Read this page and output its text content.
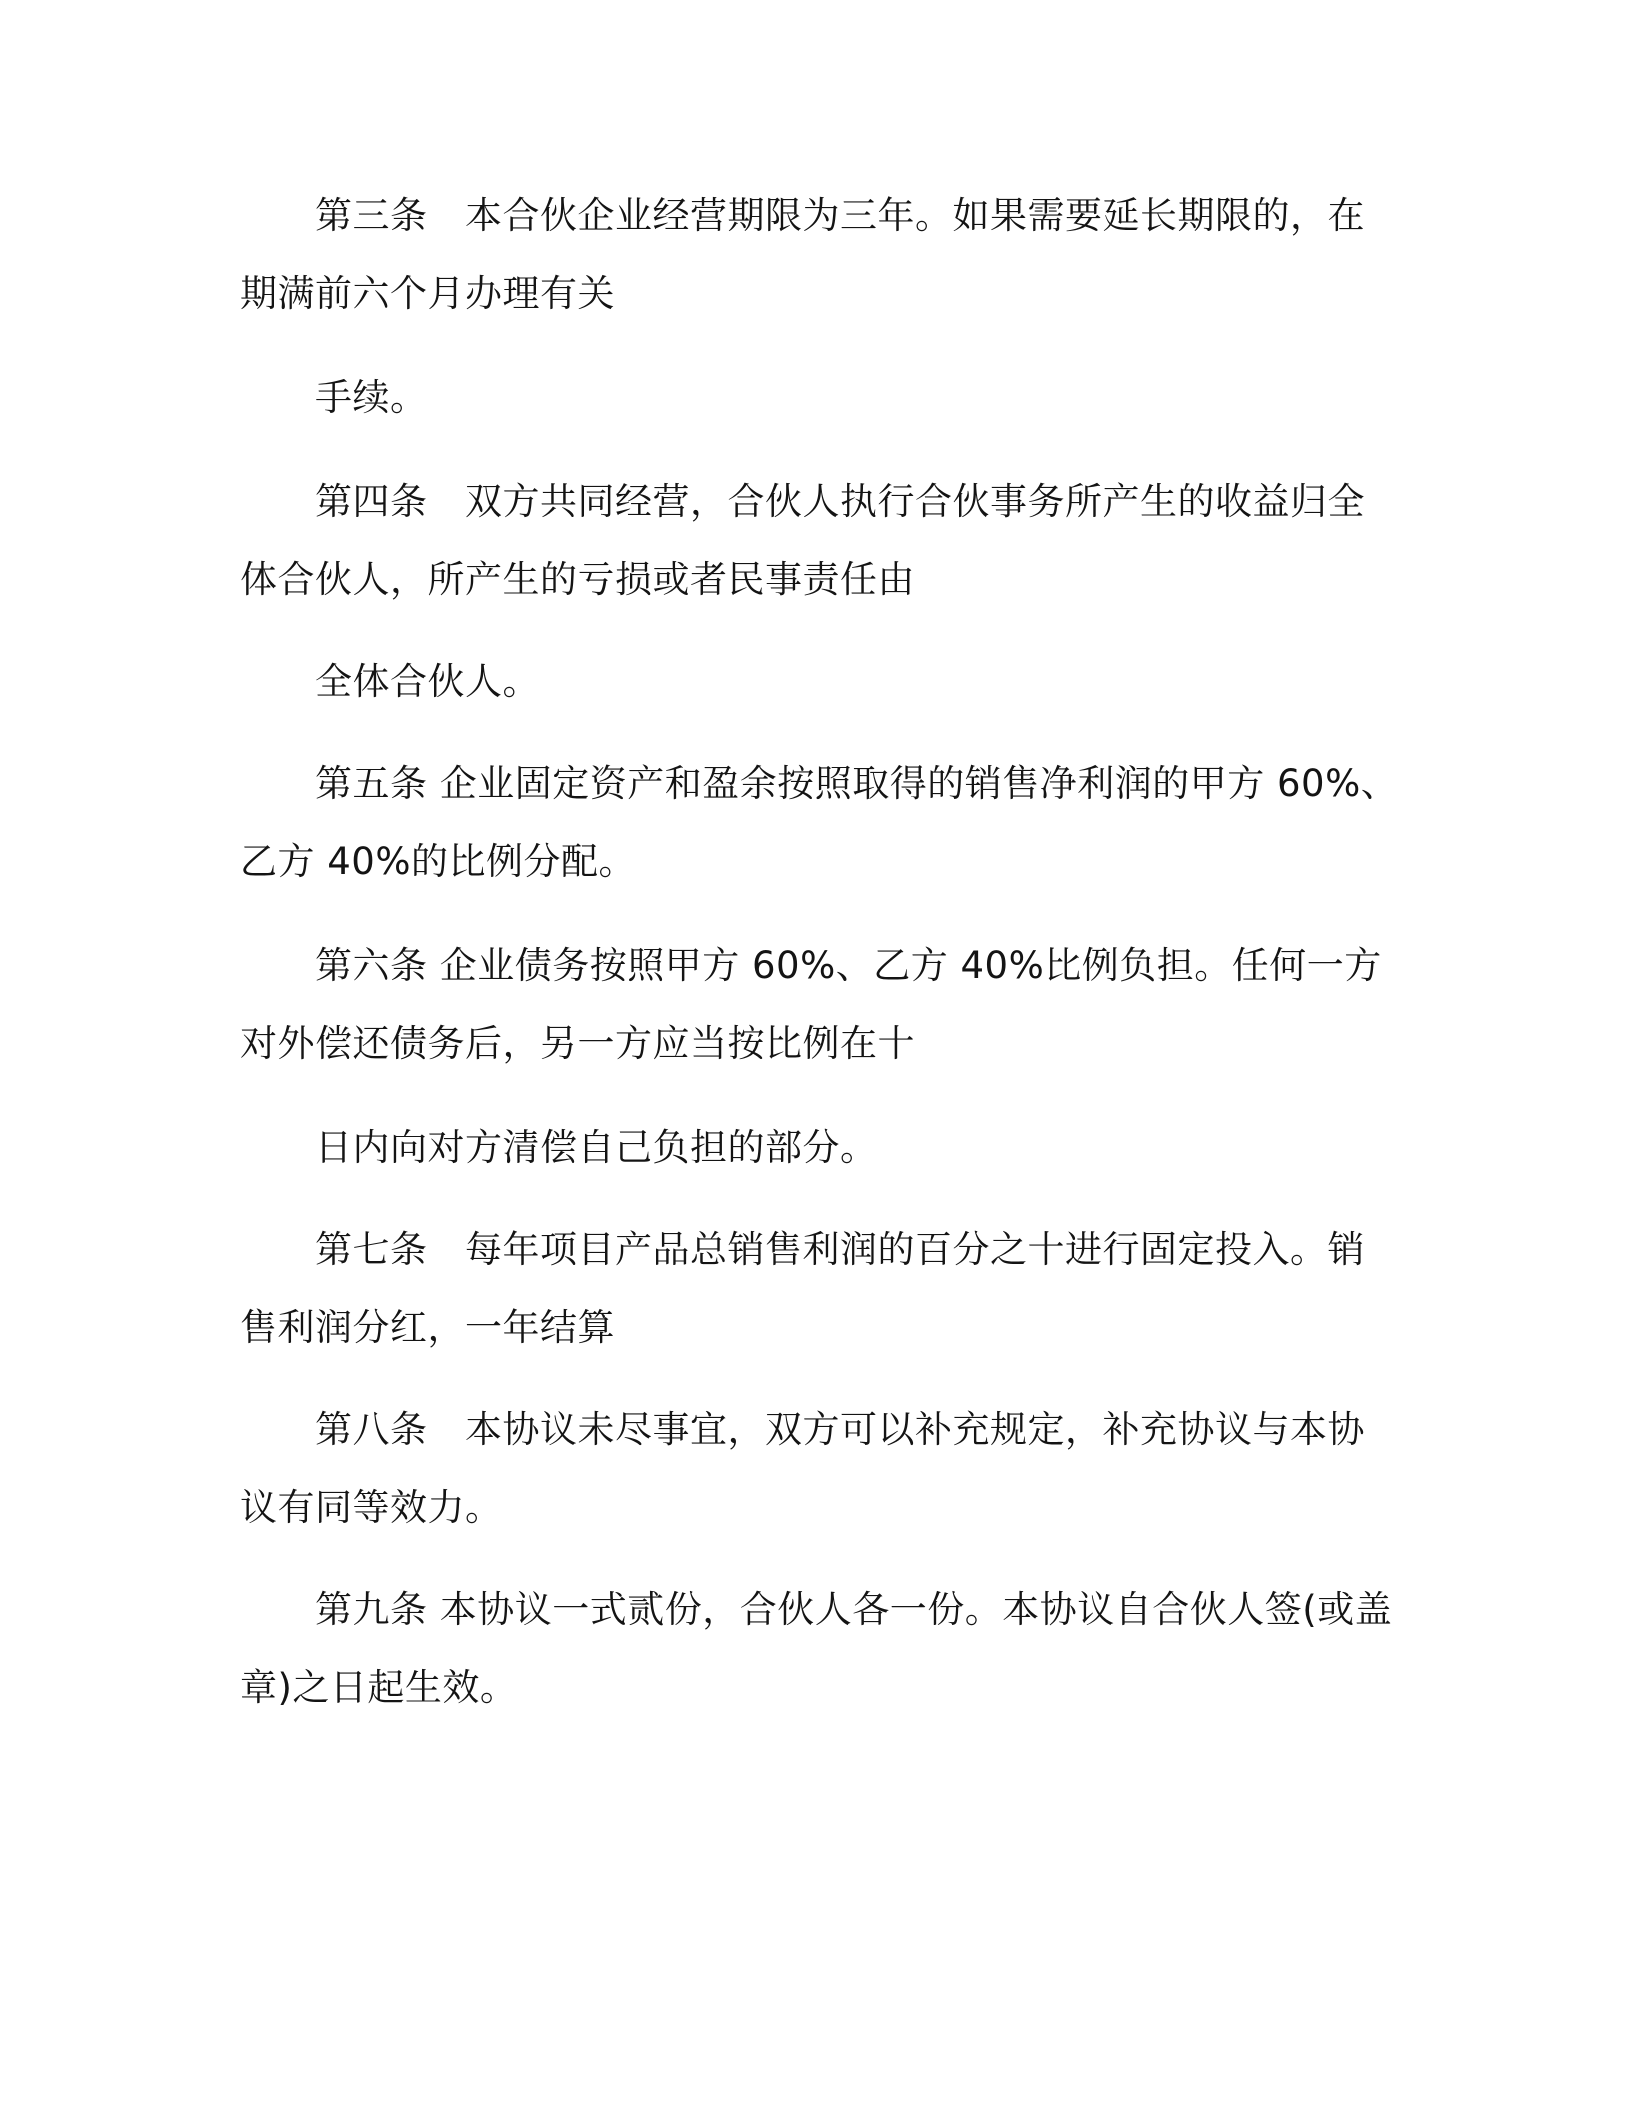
第三条　本合伙企业经营期限为三年。如果需要延长期限的，在
期满前六个月办理有关
手续。
第四条　双方共同经营，合伙人执行合伙事务所产生的收益归全
体合伙人，所产生的亏损或者民事责任由
全体合伙人。
第五条 企业固定资产和盈余按照取得的销售净利润的甲方 60%、
乙方 40%的比例分配。
第六条 企业债务按照甲方 60%、乙方 40%比例负担。任何一方
对外偿还债务后，另一方应当按比例在十
日内向对方清偿自己负担的部分。
第七条　每年项目产品总销售利润的百分之十进行固定投入。销
售利润分红，一年结算
第八条　本协议未尽事宜，双方可以补充规定，补充协议与本协
议有同等效力。
第九条 本协议一式贰份，合伙人各一份。本协议自合伙人签(或盖
章)之日起生效。
